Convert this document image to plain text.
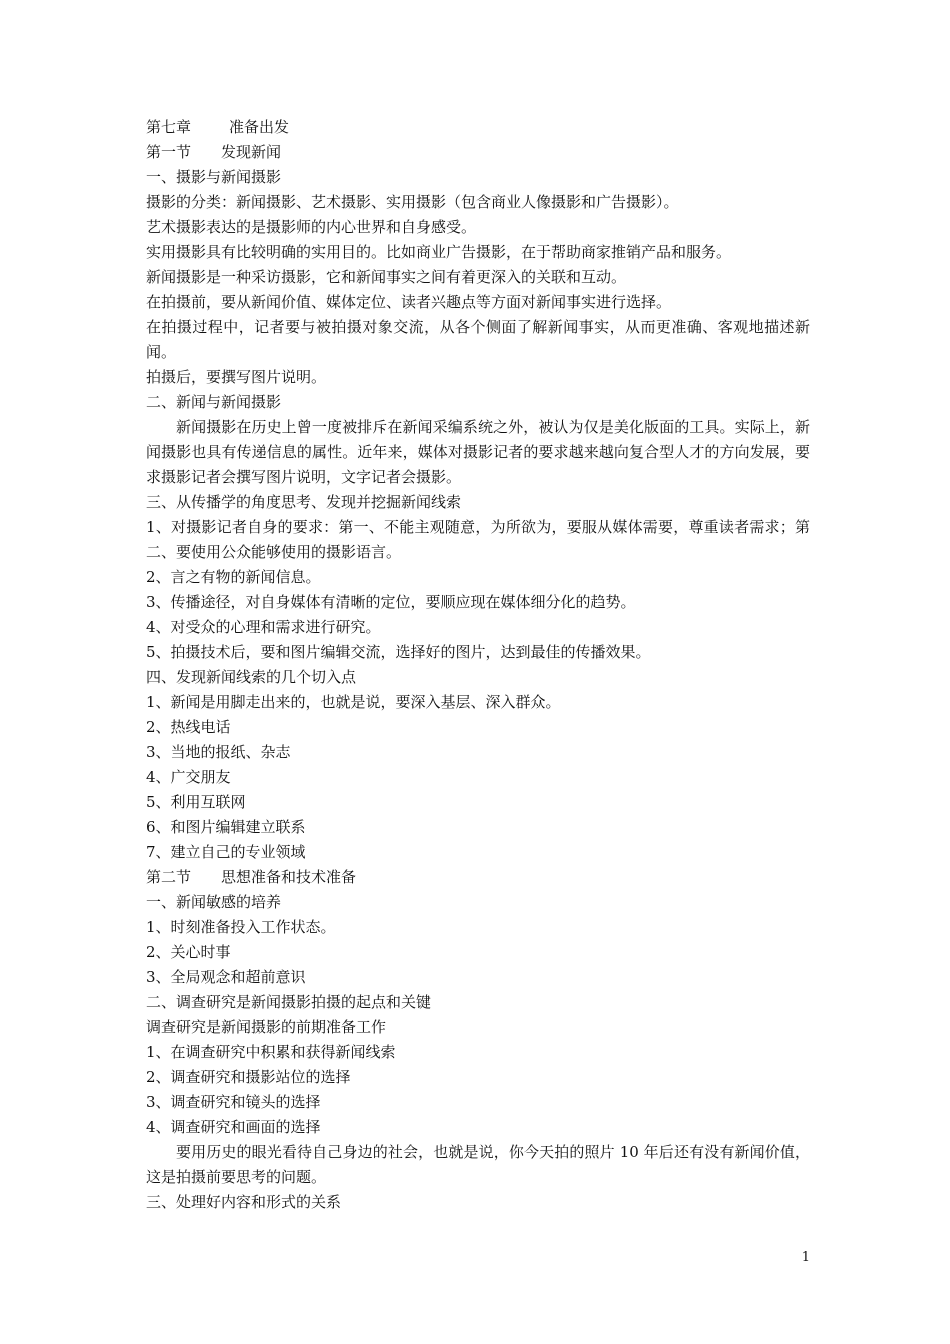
第七章	准备出发

第一节 发现新闻

一、摄影与新闻摄影

摄影的分类：新闻摄影、艺术摄影、实用摄影（包含商业人像摄影和广告摄影）。

艺术摄影表达的是摄影师的内心世界和自身感受。

实用摄影具有比较明确的实用目的。比如商业广告摄影，在于帮助商家推销产品和服务。

新闻摄影是一种采访摄影，它和新闻事实之间有着更深入的关联和互动。

在拍摄前，要从新闻价值、媒体定位、读者兴趣点等方面对新闻事实进行选择。

在拍摄过程中，记者要与被拍摄对象交流，从各个侧面了解新闻事实，从而更准确、客观地描述新闻。

拍摄后，要撰写图片说明。

二、新闻与新闻摄影

新闻摄影在历史上曾一度被排斥在新闻采编系统之外，被认为仅是美化版面的工具。实际上，新闻摄影也具有传递信息的属性。近年来，媒体对摄影记者的要求越来越向复合型人才的方向发展，要求摄影记者会撰写图片说明，文字记者会摄影。

三、从传播学的角度思考、发现并挖掘新闻线索

1、对摄影记者自身的要求：第一、不能主观随意，为所欲为，要服从媒体需要，尊重读者需求；第二、要使用公众能够使用的摄影语言。

2、言之有物的新闻信息。

3、传播途径，对自身媒体有清晰的定位，要顺应现在媒体细分化的趋势。

4、对受众的心理和需求进行研究。

5、拍摄技术后，要和图片编辑交流，选择好的图片，达到最佳的传播效果。

四、发现新闻线索的几个切入点

1、新闻是用脚走出来的，也就是说，要深入基层、深入群众。

2、热线电话

3、当地的报纸、杂志

4、广交朋友

5、利用互联网

6、和图片编辑建立联系

7、建立自己的专业领域

第二节 思想准备和技术准备

一、新闻敏感的培养

1、时刻准备投入工作状态。

2、关心时事

3、全局观念和超前意识

二、调查研究是新闻摄影拍摄的起点和关键

调查研究是新闻摄影的前期准备工作

1、在调查研究中积累和获得新闻线索

2、调查研究和摄影站位的选择

3、调查研究和镜头的选择

4、调查研究和画面的选择

要用历史的眼光看待自己身边的社会，也就是说，你今天拍的照片 10 年后还有没有新闻价值，这是拍摄前要思考的问题。

三、处理好内容和形式的关系

1
